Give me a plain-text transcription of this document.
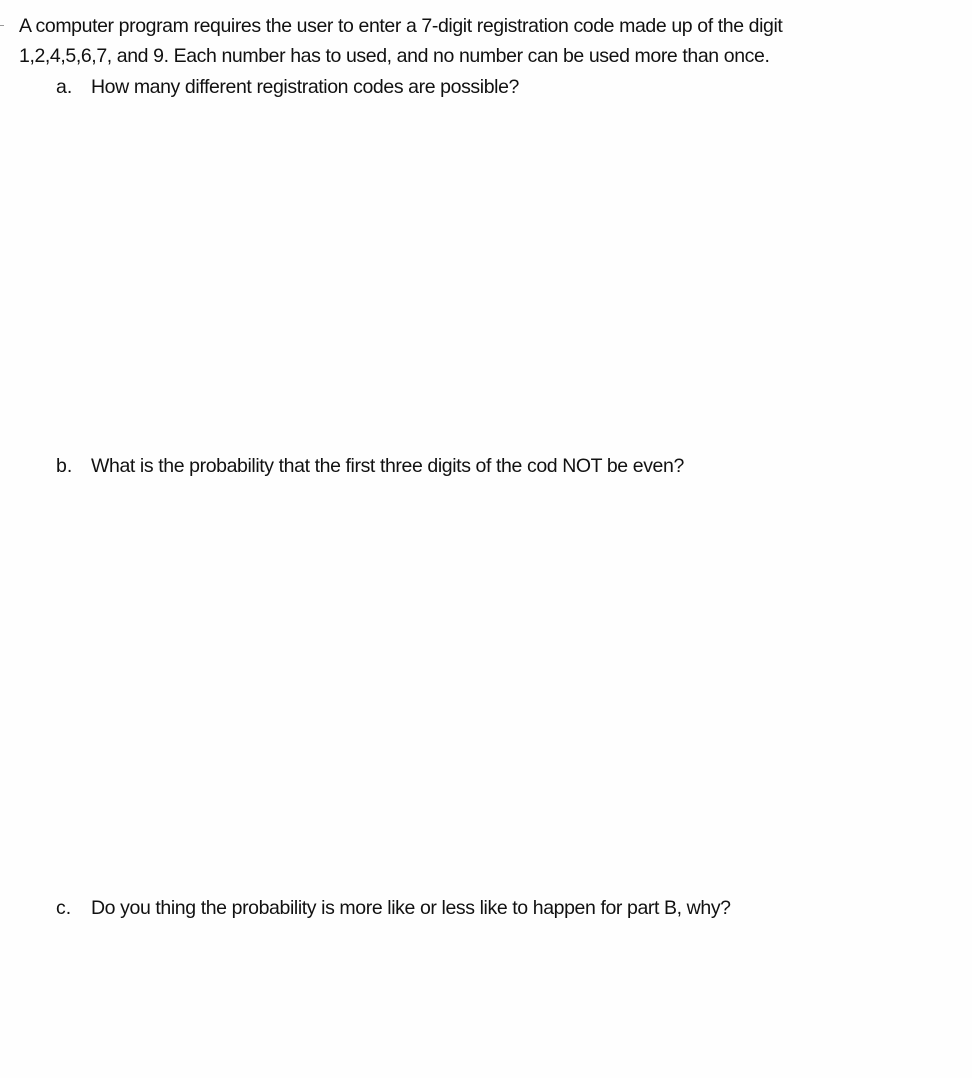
A computer program requires the user to enter a 7-digit registration code made up of the digit
1,2,4,5,6,7, and 9. Each number has to used, and no number can be used more than once.
a. How many different registration codes are possible?
b. What is the probability that the first three digits of the cod NOT be even?
c. Do you thing the probability is more like or less like to happen for part B, why?
